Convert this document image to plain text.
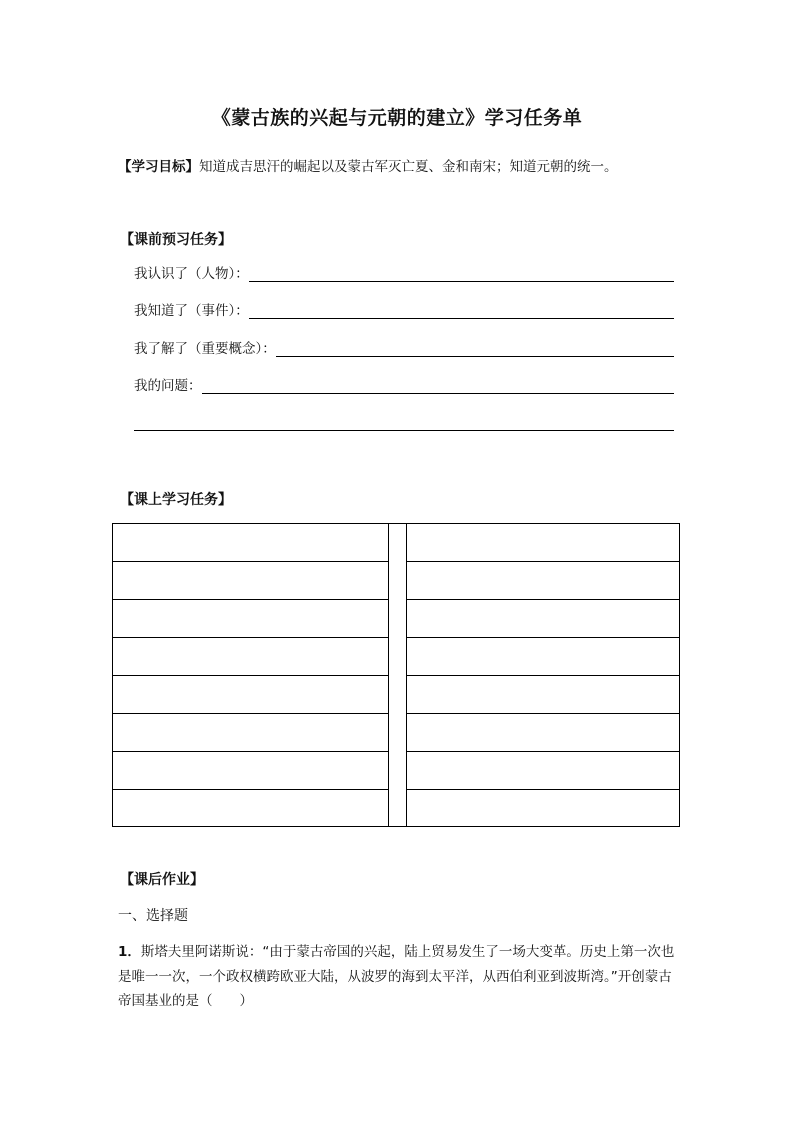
《蒙古族的兴起与元朝的建立》学习任务单
【学习目标】知道成吉思汗的崛起以及蒙古军灭亡夏、金和南宋；知道元朝的统一。
【课前预习任务】
我认识了（人物）：
我知道了（事件）：
我了解了（重要概念）：
我的问题：
【课上学习任务】
【课后作业】
一、选择题
1．斯塔夫里阿诺斯说：“由于蒙古帝国的兴起，陆上贸易发生了一场大变革。历史上第一次也是唯一一次，一个政权横跨欧亚大陆，从波罗的海到太平洋，从西伯利亚到波斯湾。”开创蒙古帝国基业的是（　　）
